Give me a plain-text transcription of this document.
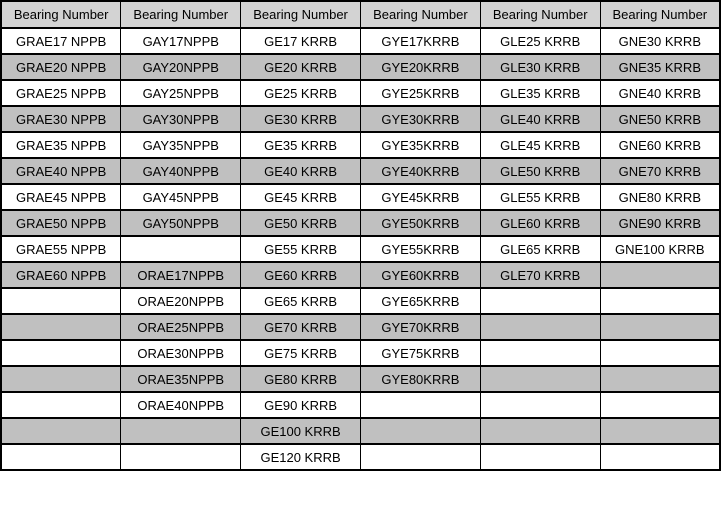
Bearing Number	Bearing Number	Bearing Number	Bearing Number	Bearing Number	Bearing Number
GRAE17 NPPB	GAY17NPPB	GE17 KRRB	GYE17KRRB	GLE25 KRRB	GNE30 KRRB
GRAE20 NPPB	GAY20NPPB	GE20 KRRB	GYE20KRRB	GLE30 KRRB	GNE35 KRRB
GRAE25 NPPB	GAY25NPPB	GE25 KRRB	GYE25KRRB	GLE35 KRRB	GNE40 KRRB
GRAE30 NPPB	GAY30NPPB	GE30 KRRB	GYE30KRRB	GLE40 KRRB	GNE50 KRRB
GRAE35 NPPB	GAY35NPPB	GE35 KRRB	GYE35KRRB	GLE45 KRRB	GNE60 KRRB
GRAE40 NPPB	GAY40NPPB	GE40 KRRB	GYE40KRRB	GLE50 KRRB	GNE70 KRRB
GRAE45 NPPB	GAY45NPPB	GE45 KRRB	GYE45KRRB	GLE55 KRRB	GNE80 KRRB
GRAE50 NPPB	GAY50NPPB	GE50 KRRB	GYE50KRRB	GLE60 KRRB	GNE90 KRRB
GRAE55 NPPB		GE55 KRRB	GYE55KRRB	GLE65 KRRB	GNE100 KRRB
GRAE60 NPPB	ORAE17NPPB	GE60 KRRB	GYE60KRRB	GLE70 KRRB	
	ORAE20NPPB	GE65 KRRB	GYE65KRRB		
	ORAE25NPPB	GE70 KRRB	GYE70KRRB		
	ORAE30NPPB	GE75 KRRB	GYE75KRRB		
	ORAE35NPPB	GE80 KRRB	GYE80KRRB		
	ORAE40NPPB	GE90 KRRB			
		GE100 KRRB			
		GE120 KRRB			
